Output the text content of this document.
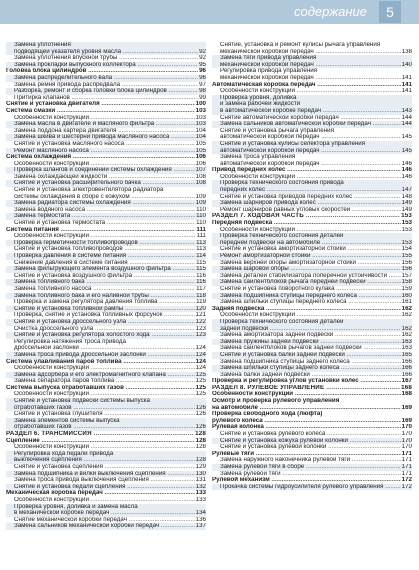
содержание	5
Замена уплотнения
подводящей указателя уровня масла	92
.....
Замена уплотнения впускной трубы	92
.....
Замена прокладки выпускного коллектора	95
.....
Головка блока цилиндров	96
.....
Замена распределительного вала	96
.....
Замена ремня привода распредвала	97
.....
Разборка, ремонт и сборка головки блока цилиндров	98
.....
Притирка клапанов	99
.....
Снятие и установка двигателя	100
.....
Система смазки	103
.....
Особенности конструкции	103
.....
Замена масла в двигателе и масляного фильтра	103
.....
Замена поддона картера двигателя	104
.....
Замена шкива и шестерни привода масляного насоса	104
.....
Снятие и установка масляного насоса	105
.....
Ремонт масляного насоса	105
.....
Система охлаждения	106
.....
Особенности конструкции	106
.....
Проверка шлангов и соединений системы охлаждения	107
.....
Замена охлаждающей жидкости	108
.....
Снятие и установка расширительного бачка	108
.....
Снятие и установка электровентилятора радиатора
системы охлаждения в сборе с кожухом	109
.....
Замена радиатора системы охлаждения	109
.....
Замена водяного насоса	110
.....
Замена термостата	110
.....
Снятие и установка термостата	110
.....
Система питания	111
.....
Особенности конструкции	111
.....
Проверка герметичности топливопроводов	113
.....
Снятие и установка топливопроводов	113
.....
Проверка давления в системе питания	114
.....
Снижение давления в системе питания	115
.....
Замена фильтрующего элемента воздушного фильтра	115
.....
Снятие и установка воздушного фильтра	116
.....
Замена топливного бака	116
.....
Замена топливного насоса	117
.....
Замена топливного бака и его наливной трубы	118
.....
Проверка и замена регулятора давления топлива	119
.....
Снятие и установка топливной рампы	120
.....
Проверка, снятие и установка топливных форсунок	121
.....
Снятие и установка дроссельного узла	122
.....
Очистка дроссельного узла	123
.....
Снятие и установка регулятора холостого хода	123
.....
Регулировка натяжения троса привода
дроссельной заслонки	124
.....
Замена троса привода дроссельной заслонки	124
.....
Система улавливания паров топлива	124
.....
Особенности конструкции	124
.....
Замена адсорбера и его электромагнитного клапана	125
.....
Замена сепаратора паров топлива	125
.....
Система выпуска отработавших газов	125
.....
Особенности конструкции	125
.....
Снятие и установка подвески системы выпуска
отработавших газов	126
.....
Снятие и установка глушителя	126
.....
Замена элементов системы выпуска
отработавших газов	126
.....
РАЗДЕЛ 6. ТРАНСМИССИЯ	128
.....
Сцепление	128
.....
Особенности конструкции	128
.....
Регулировка хода педали привода
выключения сцепления	128
.....
Снятие и установка сцепления	129
.....
Замена подшипника и вилки выключения сцепления	130
.....
Замена троса привода выключения сцепления	131
.....
Снятие и установка педали сцепления	132
.....
Механическая коробка передач	133
.....
Особенности конструкции	133
.....
Проверка уровня, доливка и замена масла
в механической коробке передач	134
.....
Снятие механической коробки передач	136
.....
Замена сальников механической коробки передач	137
.....
Снятие, установка и ремонт кулисы рычага управления
механической коробкой передач	138
.....
Замена тяги привода управления
механической коробкой передач	140
.....
Регулировка привода управления
механической коробкой передач	141
.....
Автоматическая коробка передач	141
.....
Особенности конструкции	141
.....
Проверка уровня, доливка
и замена рабочей жидкости
в автоматической коробке передач	143
.....
Снятие автоматической коробки передач	144
.....
Замена сальников автоматической коробки передач	144
.....
Снятие и установка рычага управления
автоматической коробкой передач	145
.....
Снятие и установка кулисы селектора управления
автоматической коробкой передач	145
.....
Замена троса управления
автоматической коробкой передач	146
.....
Привод передних колес	146
.....
Особенности конструкции	146
.....
Проверка технического состояния привода
передних колес	147
.....
Снятие и установка приводов передних колес	148
.....
Замена шарниров привода колес	149
.....
Ремонт шарниров равных угловых скоростей	149
.....
РАЗДЕЛ 7. ХОДОВАЯ ЧАСТЬ	153
.....
Передняя подвеска	153
.....
Особенности конструкции	153
.....
Проверка технического состояния деталей
передней подвески на автомобиле	153
.....
Снятие и установка амортизаторной стойки	154
.....
Ремонт амортизаторной стойки	155
.....
Замена верхней опоры амортизаторной стойки	156
.....
Замена шаровой опоры	156
.....
Замена деталей стабилизатора поперечной устойчивости 157
.....
Замена сайлентблоков рычага передней подвески	158
.....
Снятие и установка поворотного кулака	159
.....
Замена подшипника ступицы переднего колеса	160
.....
Замена шпильки ступицы переднего колеса	161
.....
Задняя подвеска	162
.....
Особенности конструкции	162
.....
Проверка технического состояния деталей
задней подвески	162
.....
Замена амортизатора задней подвески	162
.....
Замена пружины задней подвески	163
.....
Замена сайлентблоков рычагов задней подвески	163
.....
Снятие и установка балки задней подвески	165
.....
Замена подшипника ступицы заднего колеса	166
.....
Замена шпильки ступицы заднего колеса	166
.....
Замена балки задней подвески	166
.....
Проверка и регулировка углов установки колес	167
.....
РАЗДЕЛ 8. РУЛЕВОЕ УПРАВЛЕНИЕ	168
.....
Особенности конструкции	168
.....
Осмотр и проверка рулевого управления
на автомобиле	169
.....
Проверка свободного хода (люфта)
рулевого колеса	169
.....
Рулевая колонка	170
.....
Снятие и установка рулевого колеса	170
.....
Снятие и установка кожуха рулевой колонки	170
.....
Снятие и установка рулевой колонки	170
.....
Рулевые тяги	171
.....
Замена наружного наконечника рулевой тяги	171
.....
Замена рулевой тяги в сборе	171
.....
Замена рулевой тяги	171
.....
Рулевой механизм	172
.....
Прокачка системы гидроусилителя рулевого управления	172
.....
